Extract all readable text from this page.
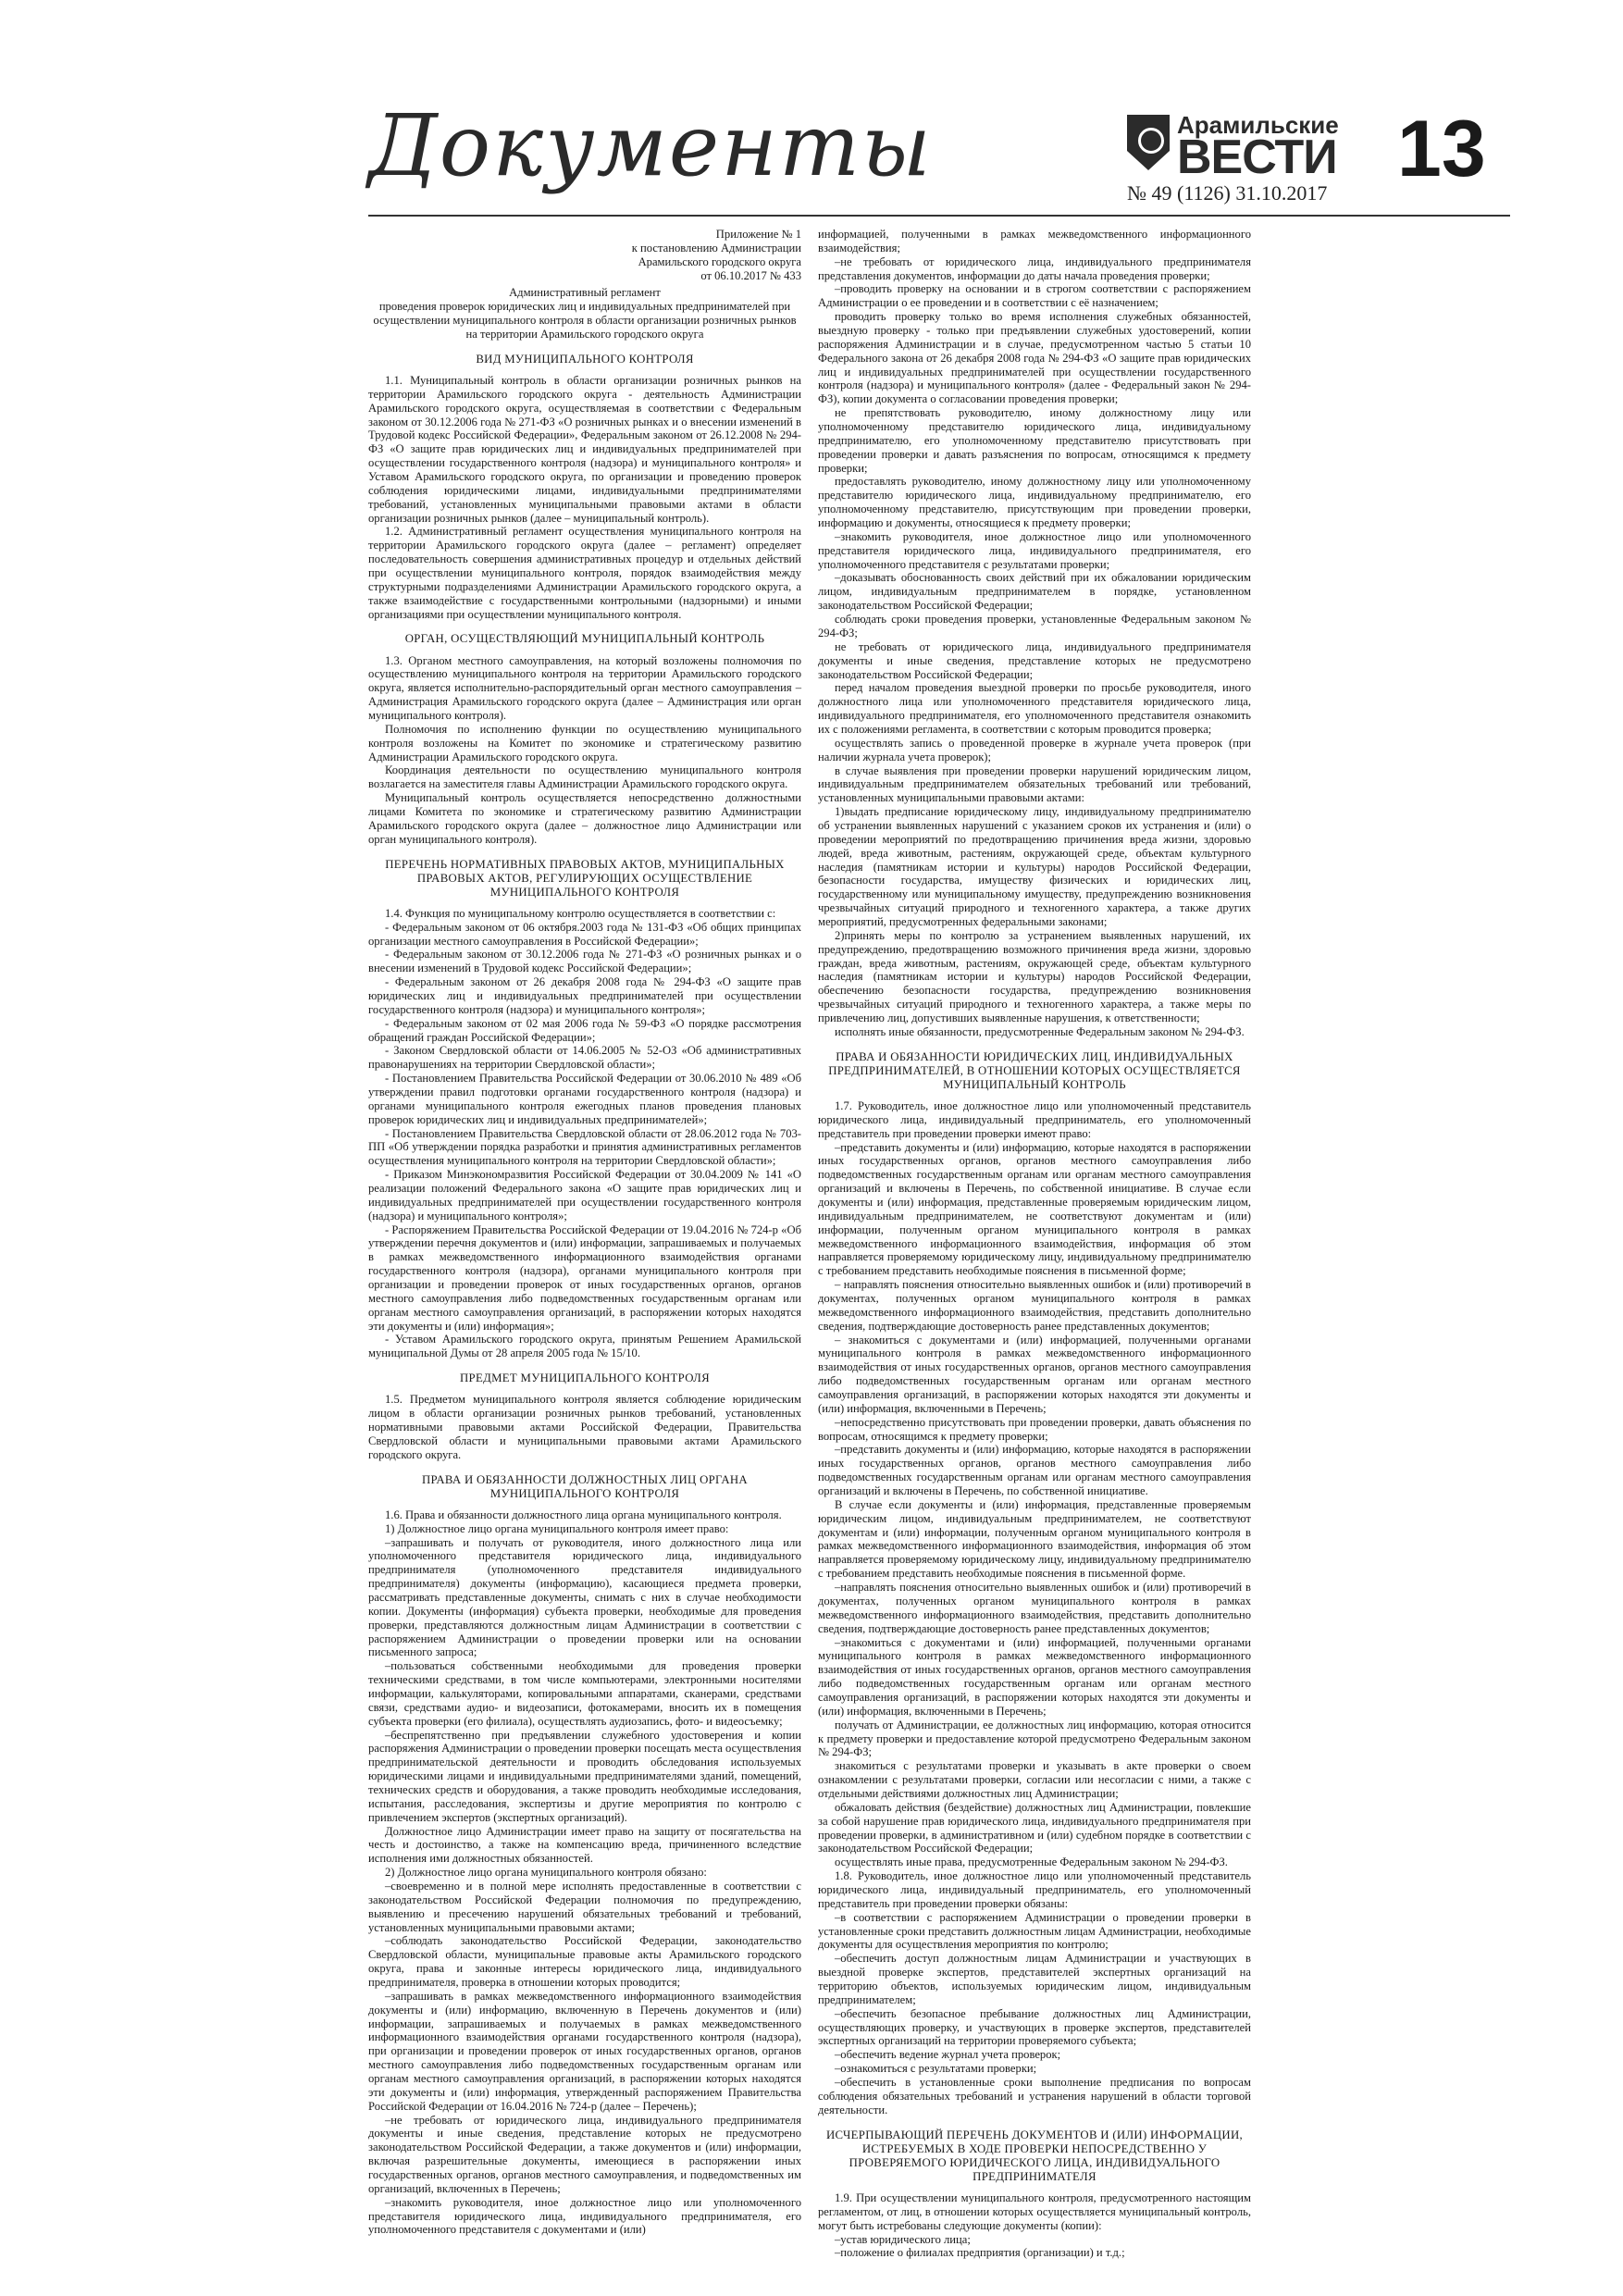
Документы	Арамильские
ВЕСТИ
№ 49 (1126) 31.10.2017 13
Приложение № 1
к постановлению Администрации
Арамильского городского округа
от 06.10.2017 № 433
Административный регламент
проведения проверок юридических лиц и индивидуальных предпринимателей при осуществлении муниципального контроля в области организации розничных рынков на территории Арамильского городского округа
ВИД МУНИЦИПАЛЬНОГО КОНТРОЛЯ

1.1. Муниципальный контроль в области организации розничных рынков на территории Арамильского городского округа - деятельность Администрации Арамильского городского округа, осуществляемая в соответствии с Федеральным законом от 30.12.2006 года № 271-ФЗ «О розничных рынках и о внесении изменений в Трудовой кодекс Российской Федерации», Федеральным законом от 26.12.2008 № 294-ФЗ «О защите прав юридических лиц и индивидуальных предпринимателей при осуществлении государственного контроля (надзора) и муниципального контроля» и Уставом Арамильского городского округа, по организации и проведению проверок соблюдения юридическими лицами, индивидуальными предпринимателями требований, установленных муниципальными правовыми актами в области организации розничных рынков (далее – муниципальный контроль).

1.2. Административный регламент осуществления муниципального контроля на территории Арамильского городского округа (далее – регламент) определяет последовательность совершения административных процедур и отдельных действий при осуществлении муниципального контроля, порядок взаимодействия между структурными подразделениями Администрации Арамильского городского округа, а также взаимодействие с государственными контрольными (надзорными) и иными организациями при осуществлении муниципального контроля.

ОРГАН, ОСУЩЕСТВЛЯЮЩИЙ МУНИЦИПАЛЬНЫЙ КОНТРОЛЬ

1.3. Органом местного самоуправления, на который возложены полномочия по осуществлению муниципального контроля на территории Арамильского городского округа, является исполнительно-распорядительный орган местного самоуправления – Администрация Арамильского городского округа (далее – Администрация или орган муниципального контроля).

Полномочия по исполнению функции по осуществлению муниципального контроля возложены на Комитет по экономике и стратегическому развитию Администрации Арамильского городского округа.

Координация деятельности по осуществлению муниципального контроля возлагается на заместителя главы Администрации Арамильского городского округа.

Муниципальный контроль осуществляется непосредственно должностными лицами Комитета по экономике и стратегическому развитию Администрации Арамильского городского округа (далее – должностное лицо Администрации или орган муниципального контроля).

ПЕРЕЧЕНЬ НОРМАТИВНЫХ ПРАВОВЫХ АКТОВ, МУНИЦИПАЛЬНЫХ ПРАВОВЫХ АКТОВ, РЕГУЛИРУЮЩИХ ОСУЩЕСТВЛЕНИЕ МУНИЦИПАЛЬНОГО КОНТРОЛЯ

1.4. Функция по муниципальному контролю осуществляется в соответствии с:

- Федеральным законом от 06 октября.2003 года № 131-ФЗ «Об общих принципах организации местного самоуправления в Российской Федерации»;

- Федеральным законом от 30.12.2006 года № 271-ФЗ «О розничных рынках и о внесении изменений в Трудовой кодекс Российской Федерации»;

- Федеральным законом от 26 декабря 2008 года № 294-ФЗ «О защите прав юридических лиц и индивидуальных предпринимателей при осуществлении государственного контроля (надзора) и муниципального контроля»;

- Федеральным законом от 02 мая 2006 года № 59-ФЗ «О порядке рассмотрения обращений граждан Российской Федерации»;

- Законом Свердловской области от 14.06.2005 № 52-ОЗ «Об административных правонарушениях на территории Свердловской области»;

- Постановлением Правительства Российской Федерации от 30.06.2010 № 489 «Об утверждении правил подготовки органами государственного контроля (надзора) и органами муниципального контроля ежегодных планов проведения плановых проверок юридических лиц и индивидуальных предпринимателей»;

- Постановлением Правительства Свердловской области от 28.06.2012 года № 703-ПП «Об утверждении порядка разработки и принятия административных регламентов осуществления муниципального контроля на территории Свердловской области»;

- Приказом Минэкономразвития Российской Федерации от 30.04.2009 № 141 «О реализации положений Федерального закона «О защите прав юридических лиц и индивидуальных предпринимателей при осуществлении государственного контроля (надзора) и муниципального контроля»;

- Распоряжением Правительства Российской Федерации от 19.04.2016 № 724-р «Об утверждении перечня документов и (или) информации, запрашиваемых и получаемых в рамках межведомственного информационного взаимодействия органами государственного контроля (надзора), органами муниципального контроля при организации и проведении проверок от иных государственных органов, органов местного самоуправления либо подведомственных государственным органам или органам местного самоуправления организаций, в распоряжении которых находятся эти документы и (или) информация»;

- Уставом Арамильского городского округа, принятым Решением Арамильской муниципальной Думы от 28 апреля 2005 года № 15/10.

ПРЕДМЕТ МУНИЦИПАЛЬНОГО КОНТРОЛЯ

1.5. Предметом муниципального контроля является соблюдение юридическим лицом в области организации розничных рынков требований, установленных нормативными правовыми актами Российской Федерации, Правительства Свердловской области и муниципальными правовыми актами Арамильского городского округа.

ПРАВА И ОБЯЗАННОСТИ ДОЛЖНОСТНЫХ ЛИЦ ОРГАНА МУНИЦИПАЛЬНОГО КОНТРОЛЯ

1.6. Права и обязанности должностного лица органа муниципального контроля.

1) Должностное лицо органа муниципального контроля имеет право:

–запрашивать и получать от руководителя, иного должностного лица или уполномоченного представителя юридического лица, индивидуального предпринимателя (уполномоченного представителя индивидуального предпринимателя) документы (информацию), касающиеся предмета проверки, рассматривать представленные документы, снимать с них в случае необходимости копии. Документы (информация) субъекта проверки, необходимые для проведения проверки, представляются должностным лицам Администрации в соответствии с распоряжением Администрации о проведении проверки или на основании письменного запроса;

–пользоваться собственными необходимыми для проведения проверки техническими средствами, в том числе компьютерами, электронными носителями информации, калькуляторами, копировальными аппаратами, сканерами, средствами связи, средствами аудио- и видеозаписи, фотокамерами, вносить их в помещения субъекта проверки (его филиала), осуществлять аудиозапись, фото- и видеосъемку;

–беспрепятственно при предъявлении служебного удостоверения и копии распоряжения Администрации о проведении проверки посещать места осуществления предпринимательской деятельности и проводить обследования используемых юридическими лицами и индивидуальными предпринимателями зданий, помещений, технических средств и оборудования, а также проводить необходимые исследования, испытания, расследования, экспертизы и другие мероприятия по контролю с привлечением экспертов (экспертных организаций).

Должностное лицо Администрации имеет право на защиту от посягательства на честь и достоинство, а также на компенсацию вреда, причиненного вследствие исполнения ими должностных обязанностей.

2) Должностное лицо органа муниципального контроля обязано:

–своевременно и в полной мере исполнять предоставленные в соответствии с законодательством Российской Федерации полномочия по предупреждению, выявлению и пресечению нарушений обязательных требований и требований, установленных муниципальными правовыми актами;

–соблюдать законодательство Российской Федерации, законодательство Свердловской области, муниципальные правовые акты Арамильского городского округа, права и законные интересы юридического лица, индивидуального предпринимателя, проверка в отношении которых проводится;

–запрашивать в рамках межведомственного информационного взаимодействия документы и (или) информацию, включенную в Перечень документов и (или) информации, запрашиваемых и получаемых в рамках межведомственного информационного взаимодействия органами государственного контроля (надзора), при организации и проведении проверок от иных государственных органов, органов местного самоуправления либо подведомственных государственным органам или органам местного самоуправления организаций, в распоряжении которых находятся эти документы и (или) информация, утвержденный распоряжением Правительства Российской Федерации от 16.04.2016 № 724-р (далее – Перечень);

–не требовать от юридического лица, индивидуального предпринимателя документы и иные сведения, представление которых не предусмотрено законодательством Российской Федерации, а также документов и (или) информации, включая разрешительные документы, имеющиеся в распоряжении иных государственных органов, органов местного самоуправления, и подведомственных им организаций, включенных в Перечень;

–знакомить руководителя, иное должностное лицо или уполномоченного представителя юридического лица, индивидуального предпринимателя, его уполномоченного представителя с документами и (или)

информацией, полученными в рамках межведомственного информационного взаимодействия;

–не требовать от юридического лица, индивидуального предпринимателя представления документов, информации до даты начала проведения проверки;

–проводить проверку на основании и в строгом соответствии с распоряжением Администрации о ее проведении и в соответствии с её назначением;

проводить проверку только во время исполнения служебных обязанностей, выездную проверку - только при предъявлении служебных удостоверений, копии распоряжения Администрации и в случае, предусмотренном частью 5 статьи 10 Федерального закона от 26 декабря 2008 года № 294-ФЗ «О защите прав юридических лиц и индивидуальных предпринимателей при осуществлении государственного контроля (надзора) и муниципального контроля» (далее - Федеральный закон № 294-ФЗ), копии документа о согласовании проведения проверки;

не препятствовать руководителю, иному должностному лицу или уполномоченному представителю юридического лица, индивидуальному предпринимателю, его уполномоченному представителю присутствовать при проведении проверки и давать разъяснения по вопросам, относящимся к предмету проверки;

предоставлять руководителю, иному должностному лицу или уполномоченному представителю юридического лица, индивидуальному предпринимателю, его уполномоченному представителю, присутствующим при проведении проверки, информацию и документы, относящиеся к предмету проверки;

–знакомить руководителя, иное должностное лицо или уполномоченного представителя юридического лица, индивидуального предпринимателя, его уполномоченного представителя с результатами проверки;

–доказывать обоснованность своих действий при их обжаловании юридическим лицом, индивидуальным предпринимателем в порядке, установленном законодательством Российской Федерации;

соблюдать сроки проведения проверки, установленные Федеральным законом № 294-ФЗ;

не требовать от юридического лица, индивидуального предпринимателя документы и иные сведения, представление которых не предусмотрено законодательством Российской Федерации;

перед началом проведения выездной проверки по просьбе руководителя, иного должностного лица или уполномоченного представителя юридического лица, индивидуального предпринимателя, его уполномоченного представителя ознакомить их с положениями регламента, в соответствии с которым проводится проверка;

осуществлять запись о проведенной проверке в журнале учета проверок (при наличии журнала учета проверок);

в случае выявления при проведении проверки нарушений юридическим лицом, индивидуальным предпринимателем обязательных требований или требований, установленных муниципальными правовыми актами:

1)выдать предписание юридическому лицу, индивидуальному предпринимателю об устранении выявленных нарушений с указанием сроков их устранения и (или) о проведении мероприятий по предотвращению причинения вреда жизни, здоровью людей, вреда животным, растениям, окружающей среде, объектам культурного наследия (памятникам истории и культуры) народов Российской Федерации, безопасности государства, имуществу физических и юридических лиц, государственному или муниципальному имуществу, предупреждению возникновения чрезвычайных ситуаций природного и техногенного характера, а также других мероприятий, предусмотренных федеральными законами;

2)принять меры по контролю за устранением выявленных нарушений, их предупреждению, предотвращению возможного причинения вреда жизни, здоровью граждан, вреда животным, растениям, окружающей среде, объектам культурного наследия (памятникам истории и культуры) народов Российской Федерации, обеспечению безопасности государства, предупреждению возникновения чрезвычайных ситуаций природного и техногенного характера, а также меры по привлечению лиц, допустивших выявленные нарушения, к ответственности;

исполнять иные обязанности, предусмотренные Федеральным законом № 294-ФЗ.

ПРАВА И ОБЯЗАННОСТИ ЮРИДИЧЕСКИХ ЛИЦ, ИНДИВИДУАЛЬНЫХ ПРЕДПРИНИМАТЕЛЕЙ, В ОТНОШЕНИИ КОТОРЫХ ОСУЩЕСТВЛЯЕТСЯ МУНИЦИПАЛЬНЫЙ КОНТРОЛЬ

1.7. Руководитель, иное должностное лицо или уполномоченный представитель юридического лица, индивидуальный предприниматель, его уполномоченный представитель при проведении проверки имеют право:

–представить документы и (или) информацию, которые находятся в распоряжении иных государственных органов, органов местного самоуправления либо подведомственных государственным органам или органам местного самоуправления организаций и включены в Перечень, по собственной инициативе. В случае если документы и (или) информация, представленные проверяемым юридическим лицом, индивидуальным предпринимателем, не соответствуют документам и (или) информации, полученным органом муниципального контроля в рамках межведомственного информационного взаимодействия, информация об этом направляется проверяемому юридическому лицу, индивидуальному предпринимателю с требованием представить необходимые пояснения в письменной форме;

– направлять пояснения относительно выявленных ошибок и (или) противоречий в документах, полученных органом муниципального контроля в рамках межведомственного информационного взаимодействия, представить дополнительно сведения, подтверждающие достоверность ранее представленных документов;

– знакомиться с документами и (или) информацией, полученными органами муниципального контроля в рамках межведомственного информационного взаимодействия от иных государственных органов, органов местного самоуправления либо подведомственных государственным органам или органам местного самоуправления организаций, в распоряжении которых находятся эти документы и (или) информация, включенными в Перечень;

–непосредственно присутствовать при проведении проверки, давать объяснения по вопросам, относящимся к предмету проверки;

–представить документы и (или) информацию, которые находятся в распоряжении иных государственных органов, органов местного самоуправления либо подведомственных государственным органам или органам местного самоуправления организаций и включены в Перечень, по собственной инициативе.

В случае если документы и (или) информация, представленные проверяемым юридическим лицом, индивидуальным предпринимателем, не соответствуют документам и (или) информации, полученным органом муниципального контроля в рамках межведомственного информационного взаимодействия, информация об этом направляется проверяемому юридическому лицу, индивидуальному предпринимателю с требованием представить необходимые пояснения в письменной форме.

–направлять пояснения относительно выявленных ошибок и (или) противоречий в документах, полученных органом муниципального контроля в рамках межведомственного информационного взаимодействия, представить дополнительно сведения, подтверждающие достоверность ранее представленных документов;

–знакомиться с документами и (или) информацией, полученными органами муниципального контроля в рамках межведомственного информационного взаимодействия от иных государственных органов, органов местного самоуправления либо подведомственных государственным органам или органам местного самоуправления организаций, в распоряжении которых находятся эти документы и (или) информация, включенными в Перечень;

получать от Администрации, ее должностных лиц информацию, которая относится к предмету проверки и предоставление которой предусмотрено Федеральным законом № 294-ФЗ;

знакомиться с результатами проверки и указывать в акте проверки о своем ознакомлении с результатами проверки, согласии или несогласии с ними, а также с отдельными действиями должностных лиц Администрации;

обжаловать действия (бездействие) должностных лиц Администрации, повлекшие за собой нарушение прав юридического лица, индивидуального предпринимателя при проведении проверки, в административном и (или) судебном порядке в соответствии с законодательством Российской Федерации;

осуществлять иные права, предусмотренные Федеральным законом № 294-ФЗ.

1.8. Руководитель, иное должностное лицо или уполномоченный представитель юридического лица, индивидуальный предприниматель, его уполномоченный представитель при проведении проверки обязаны:

–в соответствии с распоряжением Администрации о проведении проверки в установленные сроки представить должностным лицам Администрации, необходимые документы для осуществления мероприятия по контролю;

–обеспечить доступ должностным лицам Администрации и участвующих в выездной проверке экспертов, представителей экспертных организаций на территорию объектов, используемых юридическим лицом, индивидуальным предпринимателем;

–обеспечить безопасное пребывание должностных лиц Администрации, осуществляющих проверку, и участвующих в проверке экспертов, представителей экспертных организаций на территории проверяемого субъекта;

–обеспечить ведение журнал учета проверок;

–ознакомиться с результатами проверки;

–обеспечить в установленные сроки выполнение предписания по вопросам соблюдения обязательных требований и устранения нарушений в области торговой деятельности.

ИСЧЕРПЫВАЮЩИЙ ПЕРЕЧЕНЬ ДОКУМЕНТОВ И (ИЛИ) ИНФОРМАЦИИ, ИСТРЕБУЕМЫХ В ХОДЕ ПРОВЕРКИ НЕПОСРЕДСТВЕННО У ПРОВЕРЯЕМОГО ЮРИДИЧЕСКОГО ЛИЦА, ИНДИВИДУАЛЬНОГО ПРЕДПРИНИМАТЕЛЯ

1.9. При осуществлении муниципального контроля, предусмотренного настоящим регламентом, от лиц, в отношении которых осуществляется муниципальный контроль, могут быть истребованы следующие документы (копии):

–устав юридического лица;

–положение о филиалах предприятия (организации) и т.д.;
